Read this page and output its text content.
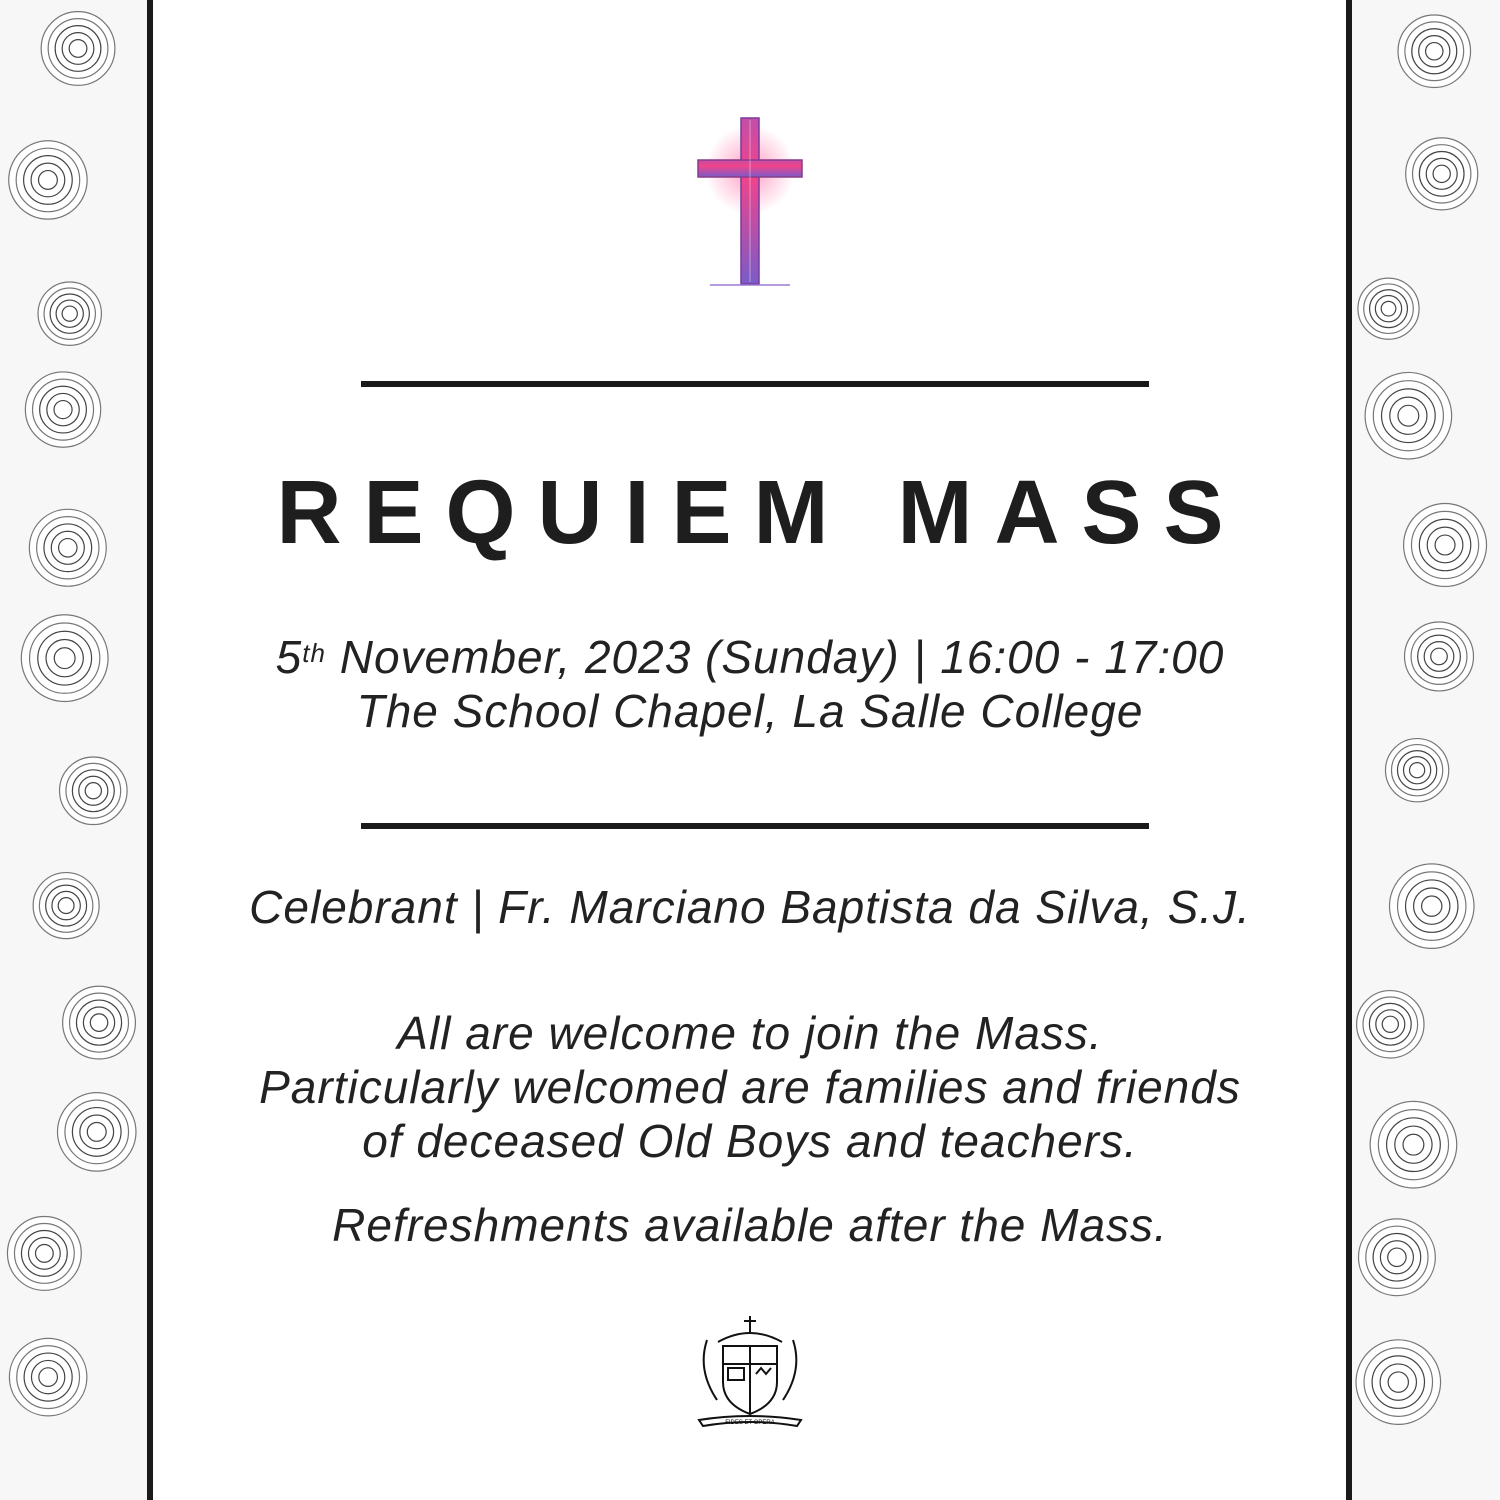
REQUIEM MASS
5th November, 2023 (Sunday) | 16:00 - 17:00
The School Chapel, La Salle College
Celebrant | Fr. Marciano Baptista da Silva, S.J.
All are welcome to join the Mass.
Particularly welcomed are families and friends
of deceased Old Boys and teachers.
Refreshments available after the Mass.
FIDES ET OPERA
